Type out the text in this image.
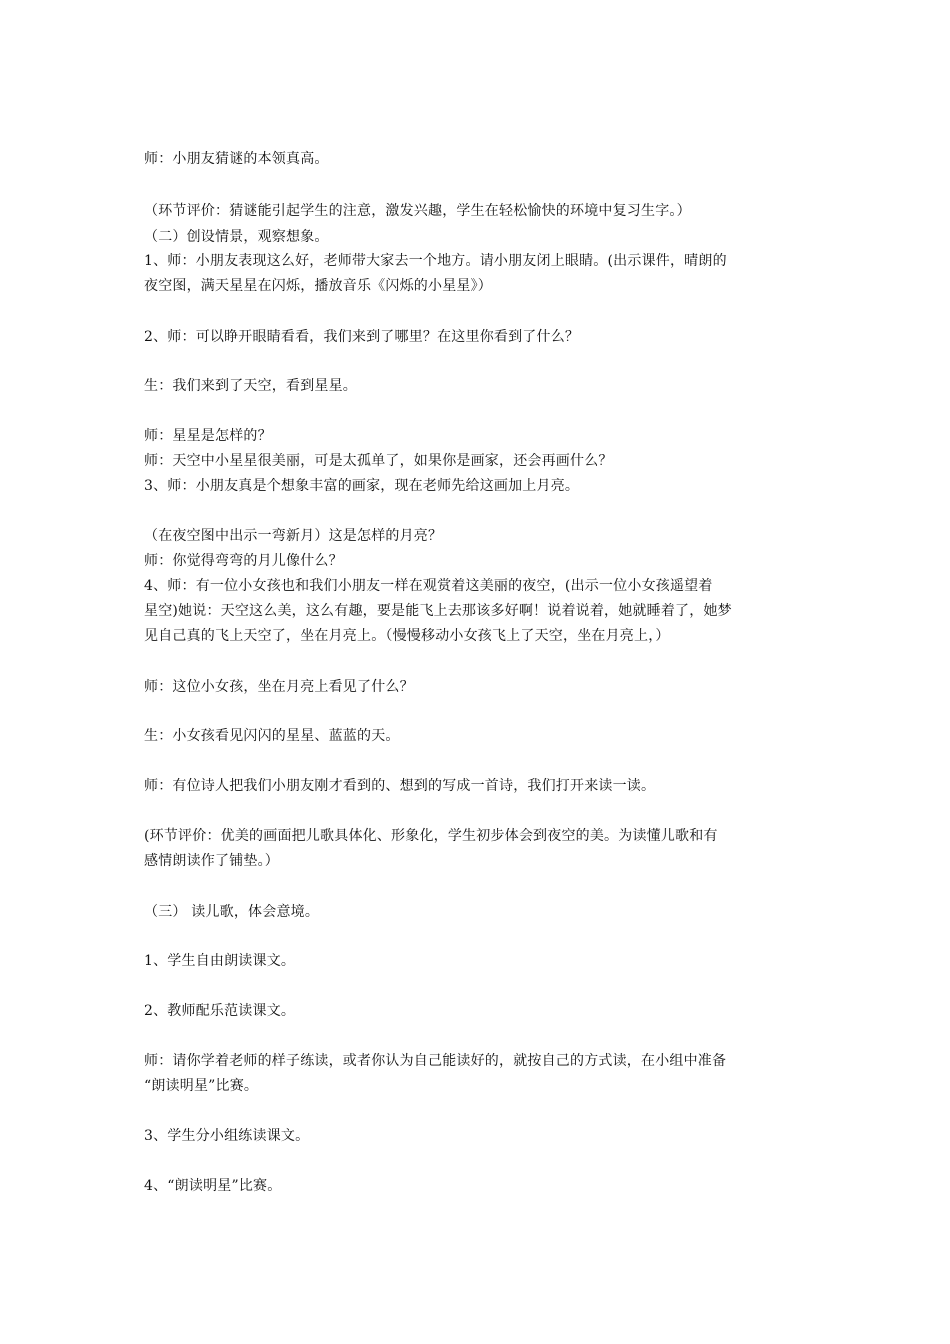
师：小朋友猜谜的本领真高。
（环节评价：猜谜能引起学生的注意，激发兴趣，学生在轻松愉快的环境中复习生字。）
（二）创设情景，观察想象。
1、师：小朋友表现这么好，老师带大家去一个地方。请小朋友闭上眼睛。(出示课件，晴朗的
夜空图，满天星星在闪烁，播放音乐《闪烁的小星星》）
2、师：可以睁开眼睛看看，我们来到了哪里？在这里你看到了什么？
生：我们来到了天空，看到星星。
师：星星是怎样的？
师：天空中小星星很美丽，可是太孤单了，如果你是画家，还会再画什么？
3、师：小朋友真是个想象丰富的画家，现在老师先给这画加上月亮。
（在夜空图中出示一弯新月）这是怎样的月亮？
师：你觉得弯弯的月儿像什么？
4、师：有一位小女孩也和我们小朋友一样在观赏着这美丽的夜空，(出示一位小女孩遥望着
星空)她说：天空这么美，这么有趣，要是能飞上去那该多好啊！说着说着，她就睡着了，她梦
见自己真的飞上天空了，坐在月亮上。（慢慢移动小女孩飞上了天空，坐在月亮上，）
师：这位小女孩，坐在月亮上看见了什么？
生：小女孩看见闪闪的星星、蓝蓝的天。
师：有位诗人把我们小朋友刚才看到的、想到的写成一首诗，我们打开来读一读。
(环节评价：优美的画面把儿歌具体化、形象化，学生初步体会到夜空的美。为读懂儿歌和有
感情朗读作了铺垫。）
（三） 读儿歌，体会意境。
1、学生自由朗读课文。
2、教师配乐范读课文。
师：请你学着老师的样子练读，或者你认为自己能读好的，就按自己的方式读，在小组中准备
“朗读明星”比赛。
3、学生分小组练读课文。
4、“朗读明星”比赛。
